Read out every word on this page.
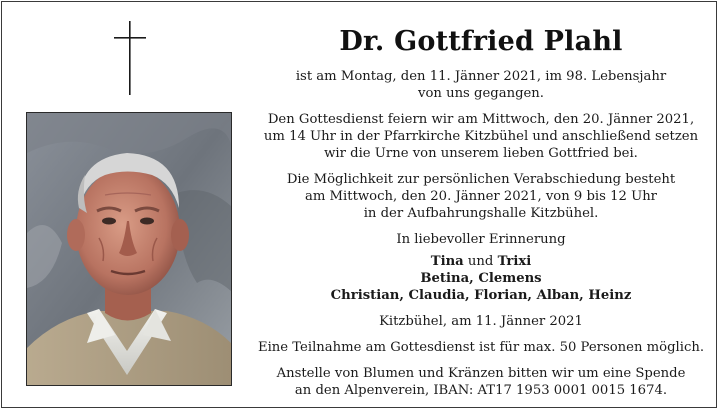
Dr. Gottfried Plahl

ist am Montag, den 11. Jänner 2021, im 98. Lebensjahr

von uns gegangen.

Den Gottesdienst feiern wir am Mittwoch, den 20. Jänner 2021,

um 14 Uhr in der Pfarrkirche Kitzbühel und anschließend setzen

wir die Urne von unserem lieben Gottfried bei.

Die Möglichkeit zur persönlichen Verabschiedung besteht

am Mittwoch, den 20. Jänner 2021, von 9 bis 12 Uhr

in der Aufbahrungshalle Kitzbühel.

In liebevoller Erinnerung

Tina und Trixi

Betina, Clemens

Christian, Claudia, Florian, Alban, Heinz

Kitzbühel, am 11. Jänner 2021

Eine Teilnahme am Gottesdienst ist für max. 50 Personen möglich.

Anstelle von Blumen und Kränzen bitten wir um eine Spende

an den Alpenverein, IBAN: AT17 1953 0001 0015 1674.
